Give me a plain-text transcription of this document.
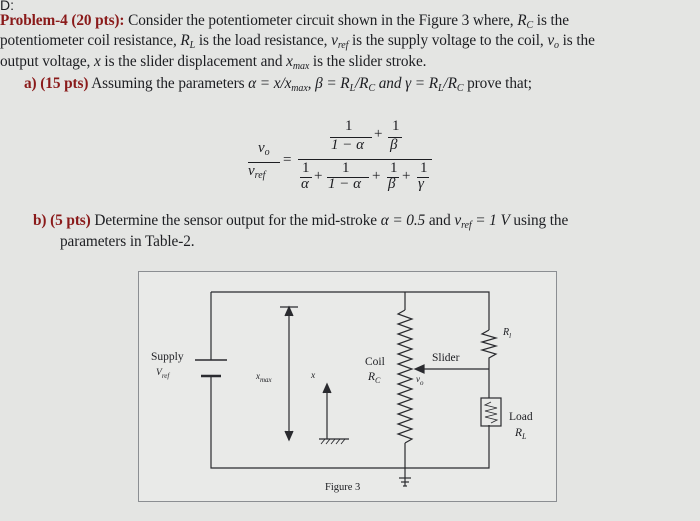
D:
Problem-4 (20 pts): Consider the potentiometer circuit shown in the Figure 3 where, $R_C$ is the
potentiometer coil resistance, $R_L$ is the load resistance, $v_{ref}$ is the supply voltage to the coil, $v_o$ is the
output voltage, x is the slider displacement and $x_{max}$ is the slider stroke.
a) (15 pts) Assuming the parameters $\alpha = x/x_{max}$, $\beta = R_L/R_C$ and $\gamma = R_L/R_C$ prove that;
$v_o$
$v_{ref}$
=
1
1 − α
+ 1
β
1
α + 1
1 − α + 1
β + 1
γ
b) (5 pts) Determine the sensor output for the mid-stroke α = 0.5 and $v_{ref} = 1$ V using the
parameters in Table-2.
Supply
$V_{ref}$	$x_{max}$	x
Coil
$R_C$	$v_o$
Slider
$R_l$
Load
$R_L$
Figure 3
